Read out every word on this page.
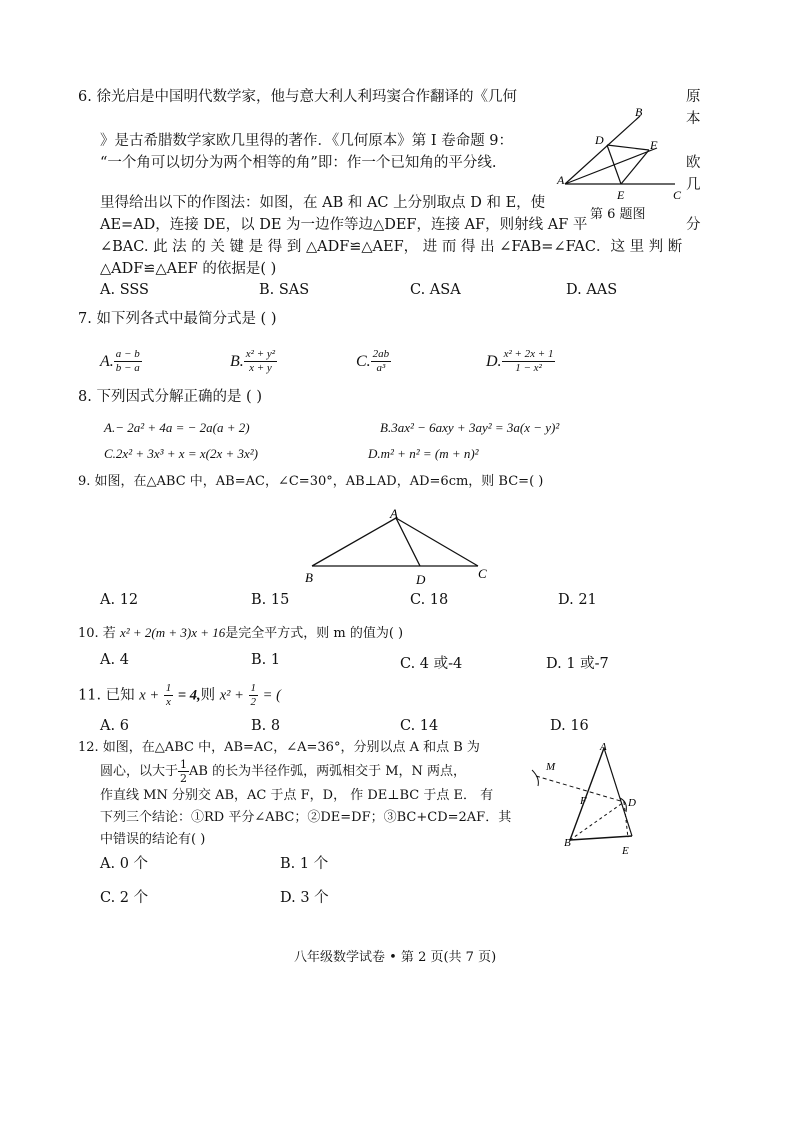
6. 徐光启是中国明代数学家，他与意大利人利玛窦合作翻译的《几何	原
本
》是古希腊数学家欧几里得的著作．《几何原本》第 Ⅰ 卷命题 9：
“一个角可以切分为两个相等的角”即：作一个已知角的平分线.	欧
几
里得给出以下的作图法：如图，在 AB 和 AC 上分别取点 D 和 E，使
AE=AD，连接 DE，以 DE 为一边作等边△DEF，连接 AF，则射线 AF 平	分
∠BAC. 此 法 的 关 键 是 得 到 △ADF≌△AEF， 进 而 得 出 ∠FAB=∠FAC．这 里 判 断
△ADF≌△AEF 的依据是( )
A. SSS	B. SAS	C. ASA	D. AAS
B
D	F
A
E	C
第 6 题图
7. 如下列各式中最简分式是 ( )
A. $\frac{a - b}{b - a}$	B. $\frac{\text{x² + y²}}{x + y}$	C. $\frac{2ab}{\text{a³}}$	D. $\frac{\text{x² + 2x + 1}}{\text{1 − x²}}$
8. 下列因式分解正确的是 ( )
A.− 2a² + 4a = − 2a(a + 2)	B.3ax² − 6axy + 3ay² = 3a(x − y)²
C.2x² + 3x³ + x = x(2x + 3x²)	D.m² + n² = (m + n)²
9. 如图，在△ABC 中，AB=AC，∠C=30°，AB⊥AD，AD=6cm，则 BC=( )
A
B	D	C
A. 12	B. 15	C. 18	D. 21
10. 若 x² + 2(m + 3)x + 16是完全平方式，则 m 的值为( )
A. 4	B. 1	C. 4 或-4	D. 1 或-7
11. 已知 $x + \frac{1}{x} = 4$,则 $x^2 + \frac{1}{2}$ = (
A. 6	B. 8	C. 14	D. 16
12. 如图，在△ABC 中，AB=AC，∠A=36°，分别以点 A 和点 B 为
圆心，以大于 $\frac{1}{2}$ AB 的长为半径作弧，两弧相交于 M，N 两点，
作直线 MN 分别交 AB，AC 于点 F，D， 作 DE⊥BC 于点 E． 有
下列三个结论：①RD 平分∠ABC；②DE=DF；③BC+CD=2AF．其
中错误的结论有( )
A. 0 个	B. 1 个
C. 2 个	D. 3 个
A
M
F	D
B
E
八年级数学试卷 • 第 2 页(共 7 页)
